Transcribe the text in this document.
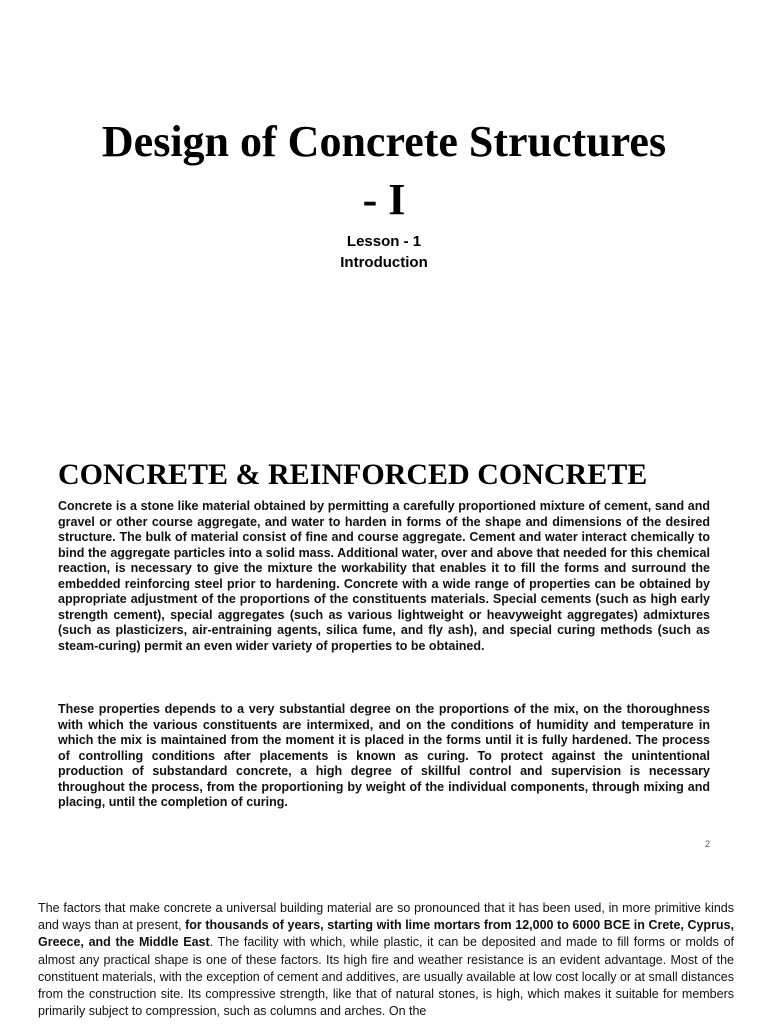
Design of Concrete Structures
- I
Lesson - 1
Introduction
CONCRETE & REINFORCED CONCRETE

Concrete is a stone like material obtained by permitting a carefully proportioned mixture of cement, sand and gravel or other course aggregate, and water to harden in forms of the shape and dimensions of the desired structure. The bulk of material consist of fine and course aggregate. Cement and water interact chemically to bind the aggregate particles into a solid mass. Additional water, over and above that needed for this chemical reaction, is necessary to give the mixture the workability that enables it to fill the forms and surround the embedded reinforcing steel prior to hardening. Concrete with a wide range of properties can be obtained by appropriate adjustment of the proportions of the constituents materials. Special cements (such as high early strength cement), special aggregates (such as various lightweight or heavyweight aggregates) admixtures (such as plasticizers, air-entraining agents, silica fume, and fly ash), and special curing methods (such as steam-curing) permit an even wider variety of properties to be obtained.

These properties depends to a very substantial degree on the proportions of the mix, on the thoroughness with which the various constituents are intermixed, and on the conditions of humidity and temperature in which the mix is maintained from the moment it is placed in the forms until it is fully hardened. The process of controlling conditions after placements is known as curing. To protect against the unintentional production of substandard concrete, a high degree of skillful control and supervision is necessary throughout the process, from the proportioning by weight of the individual components, through mixing and placing, until the completion of curing.

2

The factors that make concrete a universal building material are so pronounced that it has been used, in more primitive kinds and ways than at present, for thousands of years, starting with lime mortars from 12,000 to 6000 BCE in Crete, Cyprus, Greece, and the Middle East. The facility with which, while plastic, it can be deposited and made to fill forms or molds of almost any practical shape is one of these factors. Its high fire and weather resistance is an evident advantage. Most of the constituent materials, with the exception of cement and additives, are usually available at low cost locally or at small distances from the construction site. Its compressive strength, like that of natural stones, is high, which makes it suitable for members primarily subject to compression, such as columns and arches. On the
